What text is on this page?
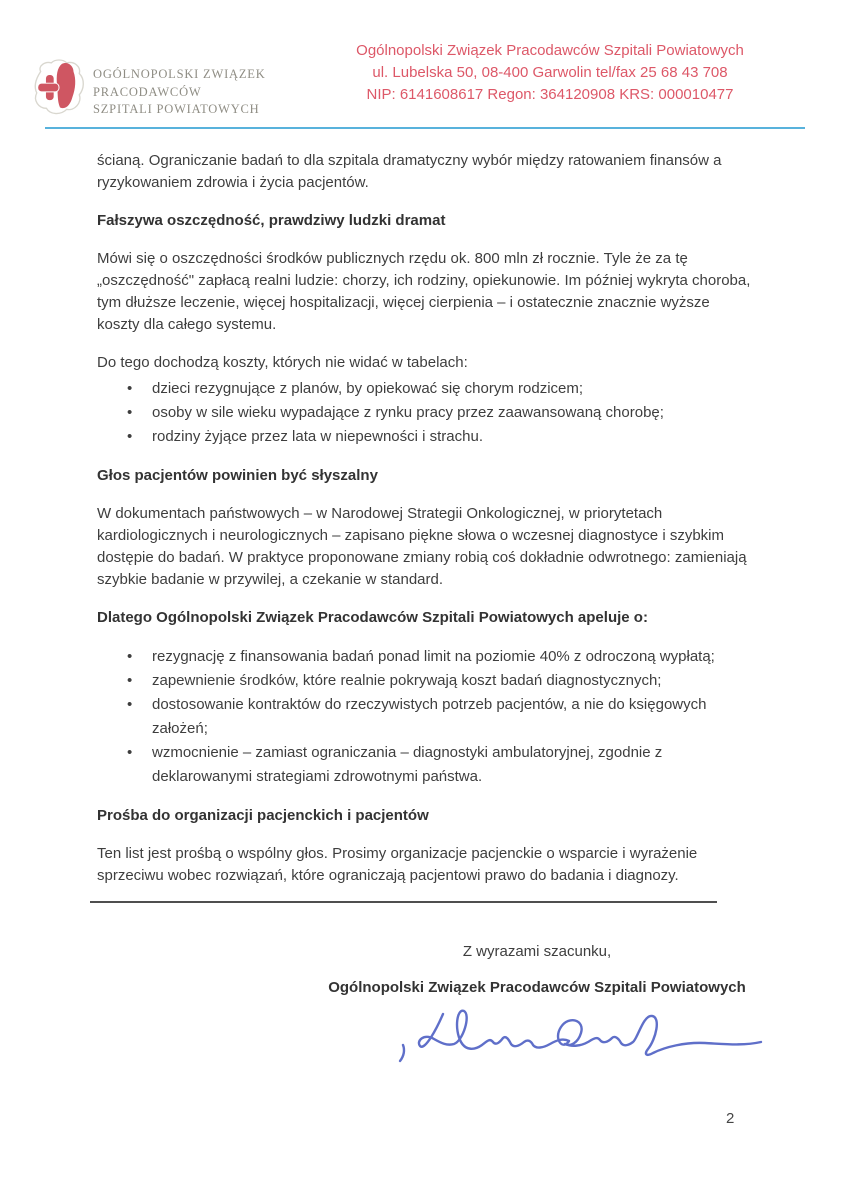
OGÓLNOPOLSKI ZWIĄZEK
PRACODAWCÓW
SZPITALI POWIATOWYCH
Ogólnopolski Związek Pracodawców Szpitali Powiatowych
ul. Lubelska 50, 08-400 Garwolin tel/fax 25 68 43 708
NIP: 6141608617 Regon: 364120908 KRS: 000010477

ścianą. Ograniczanie badań to dla szpitala dramatyczny wybór między ratowaniem finansów a ryzykowaniem zdrowia i życia pacjentów.

Fałszywa oszczędność, prawdziwy ludzki dramat

Mówi się o oszczędności środków publicznych rzędu ok. 800 mln zł rocznie. Tyle że za tę „oszczędność" zapłacą realni ludzie: chorzy, ich rodziny, opiekunowie. Im później wykryta choroba, tym dłuższe leczenie, więcej hospitalizacji, więcej cierpienia – i ostatecznie znacznie wyższe koszty dla całego systemu.

Do tego dochodzą koszty, których nie widać w tabelach:

• dzieci rezygnujące z planów, by opiekować się chorym rodzicem;
• osoby w sile wieku wypadające z rynku pracy przez zaawansowaną chorobę;
• rodziny żyjące przez lata w niepewności i strachu.
Głos pacjentów powinien być słyszalny

W dokumentach państwowych – w Narodowej Strategii Onkologicznej, w priorytetach kardiologicznych i neurologicznych – zapisano piękne słowa o wczesnej diagnostyce i szybkim dostępie do badań. W praktyce proponowane zmiany robią coś dokładnie odwrotnego: zamieniają szybkie badanie w przywilej, a czekanie w standard.

Dlatego Ogólnopolski Związek Pracodawców Szpitali Powiatowych apeluje o:
• rezygnację z finansowania badań ponad limit na poziomie 40% z odroczoną wypłatą;
• zapewnienie środków, które realnie pokrywają koszt badań diagnostycznych;
• dostosowanie kontraktów do rzeczywistych potrzeb pacjentów, a nie do księgowych założeń;
• wzmocnienie – zamiast ograniczania – diagnostyki ambulatoryjnej, zgodnie z deklarowanymi strategiami zdrowotnymi państwa.
Prośba do organizacji pacjenckich i pacjentów

Ten list jest prośbą o wspólny głos. Prosimy organizacje pacjenckie o wsparcie i wyrażenie sprzeciwu wobec rozwiązań, które ograniczają pacjentowi prawo do badania i diagnozy.

Z wyrazami szacunku,
Ogólnopolski Związek Pracodawców Szpitali Powiatowych
2
